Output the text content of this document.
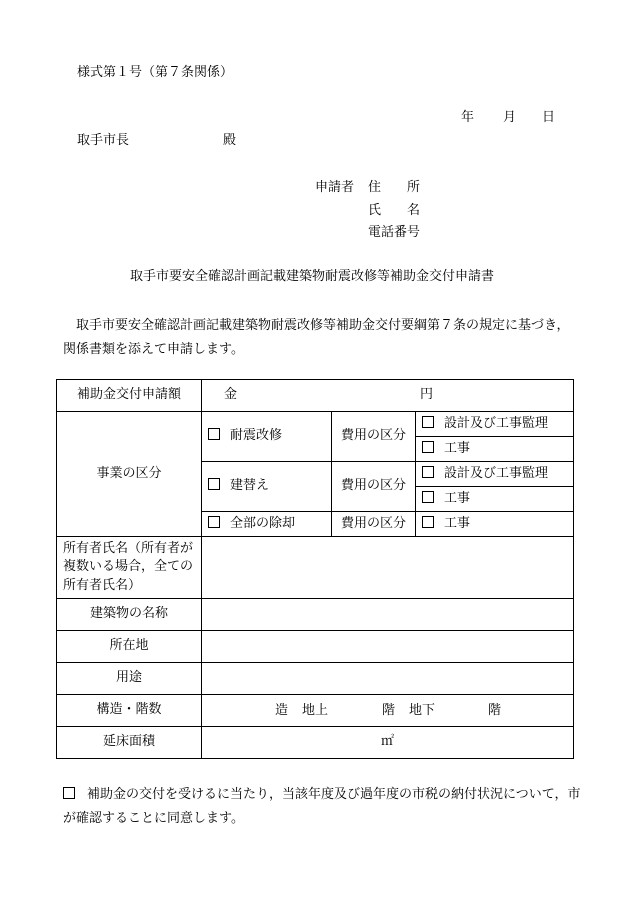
様式第１号（第７条関係）
年 月 日
取手市長	殿
申請者 住　　所
氏　　名
電話番号
取手市要安全確認計画記載建築物耐震改修等補助金交付申請書
取手市要安全確認計画記載建築物耐震改修等補助金交付要綱第７条の規定に基づき，関係書類を添えて申請します。
補助金交付申請額	金 円		

事業の区分	耐震改修	費用の区分	設計及び工事監理
			工事
	建替え	費用の区分	設計及び工事監理
			工事
	全部の除却	費用の区分	工事
所有者氏名（所有者が複数いる場合，全ての所有者氏名）			
建築物の名称			
所在地			
用途			
構造・階数	造 地上 階 地下 階		

延床面積	㎡		
補助金の交付を受けるに当たり，当該年度及び過年度の市税の納付状況について，市が確認することに同意します。
